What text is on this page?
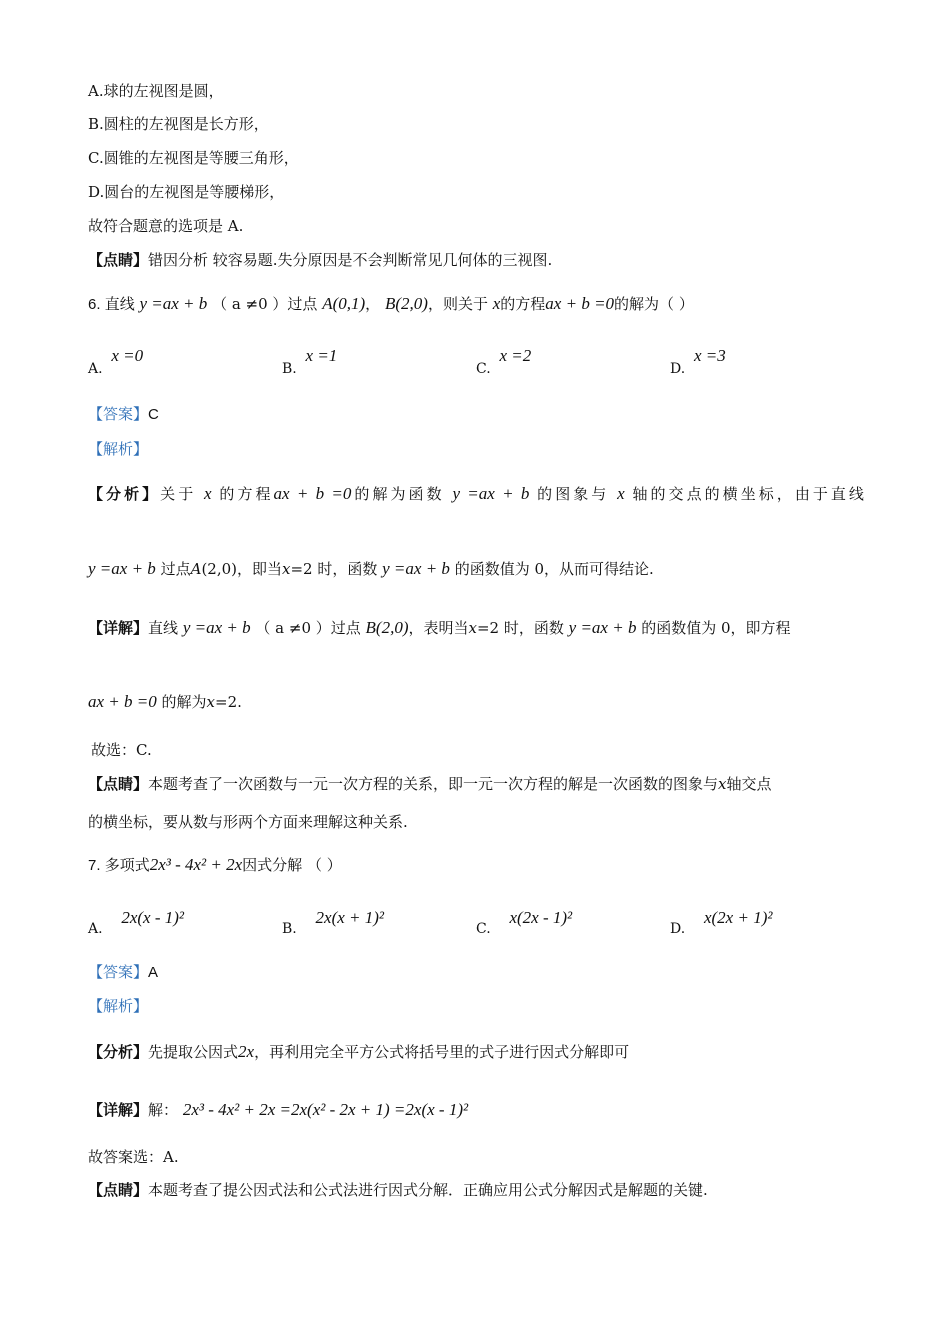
A.球的左视图是圆，
B.圆柱的左视图是长方形，
C.圆锥的左视图是等腰三角形，
D.圆台的左视图是等腰梯形，
故符合题意的选项是 A.
【点睛】错因分析 较容易题.失分原因是不会判断常见几何体的三视图.
6. 直线 y =ax + b （ a ≠0 ）过点 A(0,1)， B(2,0)，则关于 x的方程ax + b =0的解为（ ）
A. x =0
B. x =1
C. x =2
D. x =3
【答案】C
【解析】
【分析】关于 x 的方程ax + b =0的解为函数 y =ax + b 的图象与 x 轴的交点的横坐标，由于直线
y =ax + b 过点A(2,0)，即当x=2 时，函数 y =ax + b 的函数值为 0，从而可得结论.
【详解】直线 y =ax + b （ a ≠0 ）过点 B(2,0)，表明当x=2 时，函数 y =ax + b 的函数值为 0，即方程
ax + b =0 的解为x=2.
故选：C.
【点睛】本题考查了一次函数与一元一次方程的关系，即一元一次方程的解是一次函数的图象与x轴交点
的横坐标，要从数与形两个方面来理解这种关系.
7. 多项式2x³ - 4x² + 2x因式分解 （ ）
A. 2x(x - 1)²
B. 2x(x + 1)²
C. x(2x - 1)²
D. x(2x + 1)²
【答案】A
【解析】
【分析】先提取公因式2x，再利用完全平方公式将括号里的式子进行因式分解即可
【详解】解： 2x³ - 4x² + 2x =2x(x² - 2x + 1) =2x(x - 1)²
故答案选：A.
【点睛】本题考查了提公因式法和公式法进行因式分解．正确应用公式分解因式是解题的关键.
